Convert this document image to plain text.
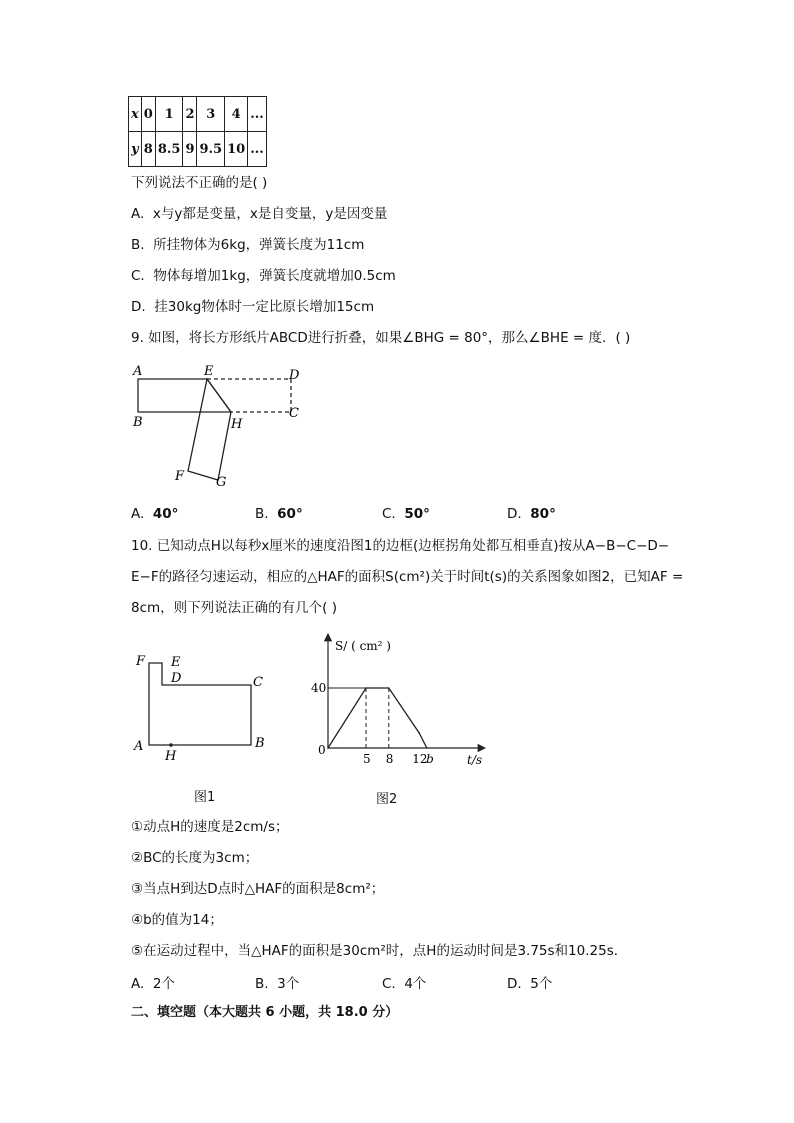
x	0	1	2	3	4	...
y	8	8.5	9	9.5	10	...
下列说法不正确的是( )
A. x与y都是变量，x是自变量，y是因变量
B. 所挂物体为6kg，弹簧长度为11cm
C. 物体每增加1kg，弹簧长度就增加0.5cm
D. 挂30kg物体时一定比原长增加15cm
9. 如图，将长方形纸片ABCD进行折叠，如果∠BHG = 80°，那么∠BHE = 度．( )
A	E	D
B	H
C
F G
A. 40°	B. 60°	C. 50°	D. 80°
10. 已知动点H以每秒x厘米的速度沿图1的边框(边框拐角处都互相垂直)按从A−B−C−D−
E−F的路径匀速运动，相应的△HAF的面积S(cm²)关于时间t(s)的关系图象如图2，已知AF =
8cm，则下列说法正确的有几个( )
F E
D	C
A	B
H
图1
S/ ( cm² )
t/s
40
0
5 8 12
b
图2
①动点H的速度是2cm/s；
②BC的长度为3cm；
③当点H到达D点时△HAF的面积是8cm²；
④b的值为14；
⑤在运动过程中，当△HAF的面积是30cm²时，点H的运动时间是3.75s和10.25s．
A. 2个	B. 3个	C. 4个	D. 5个
二、填空题（本大题共 6 小题，共 18.0 分）
